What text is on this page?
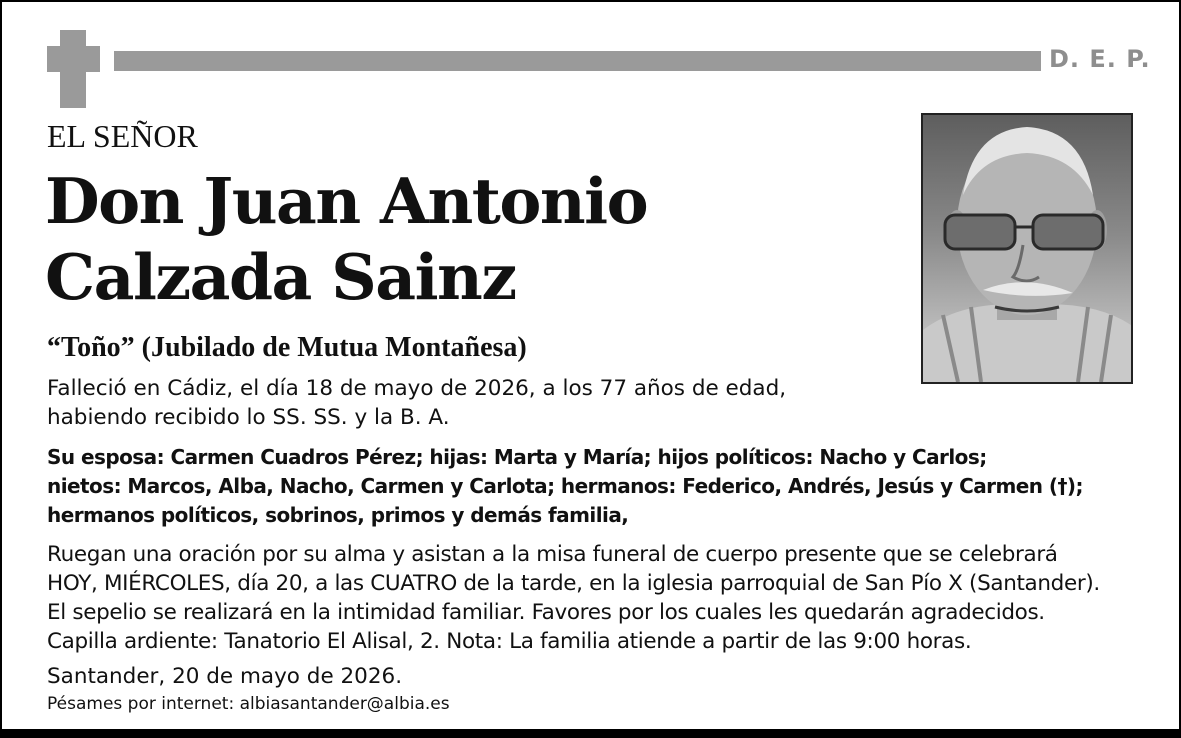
D. E. P.
EL SEÑOR
Don Juan Antonio
Calzada Sainz
“Toño” (Jubilado de Mutua Montañesa)
Falleció en Cádiz, el día 18 de mayo de 2026, a los 77 años de edad,
habiendo recibido lo SS. SS. y la B. A.
Su esposa: Carmen Cuadros Pérez; hijas: Marta y María; hijos políticos: Nacho y Carlos;
nietos: Marcos, Alba, Nacho, Carmen y Carlota; hermanos: Federico, Andrés, Jesús y Carmen (†);
hermanos políticos, sobrinos, primos y demás familia,
Ruegan una oración por su alma y asistan a la misa funeral de cuerpo presente que se celebrará
HOY, MIÉRCOLES, día 20, a las CUATRO de la tarde, en la iglesia parroquial de San Pío X (Santander).
El sepelio se realizará en la intimidad familiar. Favores por los cuales les quedarán agradecidos.
Capilla ardiente: Tanatorio El Alisal, 2. Nota: La familia atiende a partir de las 9:00 horas.
Santander, 20 de mayo de 2026.
Pésames por internet: albiasantander@albia.es
